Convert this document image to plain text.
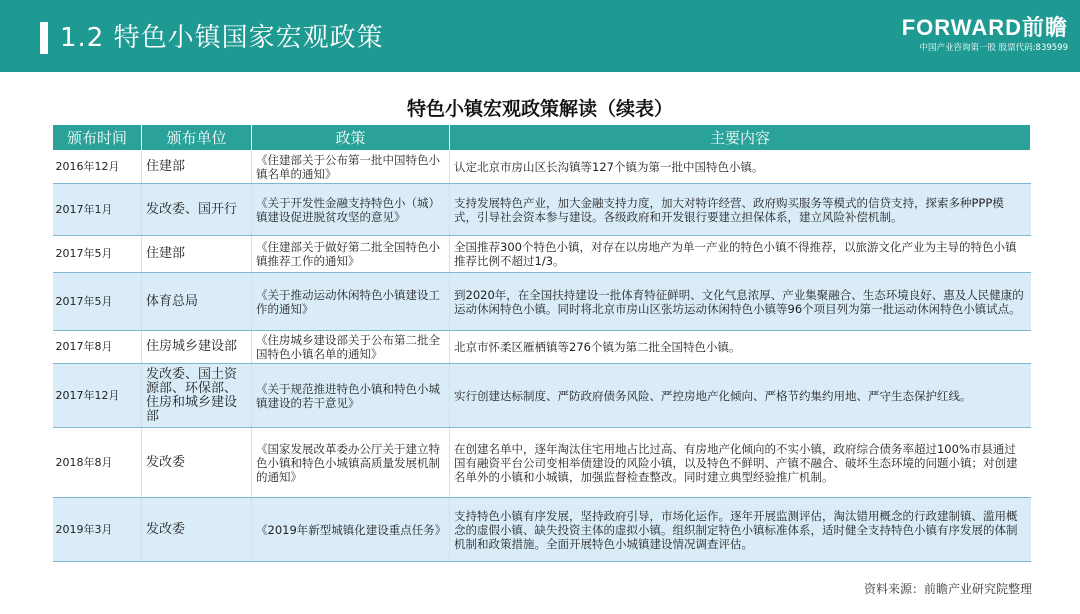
1.2 特色小镇国家宏观政策	FORWARD前瞻
中国产业咨询第一股 股票代码:839599
特色小镇宏观政策解读（续表）
颁布时间	颁布单位	政策	主要内容
2016年12月	住建部	《住建部关于公布第一批中国特色小镇名单的通知》	认定北京市房山区长沟镇等127个镇为第一批中国特色小镇。
2017年1月	发改委、国开行	《关于开发性金融支持特色小（城）镇建设促进脱贫攻坚的意见》	支持发展特色产业，加大金融支持力度，加大对特许经营、政府购买服务等模式的信贷支持，探索多种PPP模式，引导社会资本参与建设。各级政府和开发银行要建立担保体系，建立风险补偿机制。
2017年5月	住建部	《住建部关于做好第二批全国特色小镇推荐工作的通知》	全国推荐300个特色小镇，对存在以房地产为单一产业的特色小镇不得推荐，以旅游文化产业为主导的特色小镇推荐比例不超过1/3。
2017年5月	体育总局	《关于推动运动休闲特色小镇建设工作的通知》	到2020年，在全国扶持建设一批体育特征鲜明、文化气息浓厚、产业集聚融合、生态环境良好、惠及人民健康的运动休闲特色小镇。同时将北京市房山区张坊运动休闲特色小镇等96个项目列为第一批运动休闲特色小镇试点。
2017年8月	住房城乡建设部	《住房城乡建设部关于公布第二批全国特色小镇名单的通知》	北京市怀柔区雁栖镇等276个镇为第二批全国特色小镇。
2017年12月	发改委、国土资源部、环保部、住房和城乡建设部	《关于规范推进特色小镇和特色小城镇建设的若干意见》	实行创建达标制度、严防政府债务风险、严控房地产化倾向、严格节约集约用地、严守生态保护红线。
2018年8月	发改委	《国家发展改革委办公厅关于建立特色小镇和特色小城镇高质量发展机制的通知》	在创建名单中，逐年淘汰住宅用地占比过高、有房地产化倾向的不实小镇，政府综合债务率超过100%市县通过国有融资平台公司变相举债建设的风险小镇，以及特色不鲜明、产镇不融合、破坏生态环境的问题小镇；对创建名单外的小镇和小城镇，加强监督检查整改。同时建立典型经验推广机制。
2019年3月	发改委	《2019年新型城镇化建设重点任务》	支持特色小镇有序发展，坚持政府引导，市场化运作。逐年开展监测评估，淘汰错用概念的行政建制镇、滥用概念的虚假小镇、缺失投资主体的虚拟小镇。组织制定特色小镇标准体系，适时健全支持特色小镇有序发展的体制机制和政策措施。全面开展特色小城镇建设情况调查评估。
资料来源：前瞻产业研究院整理
